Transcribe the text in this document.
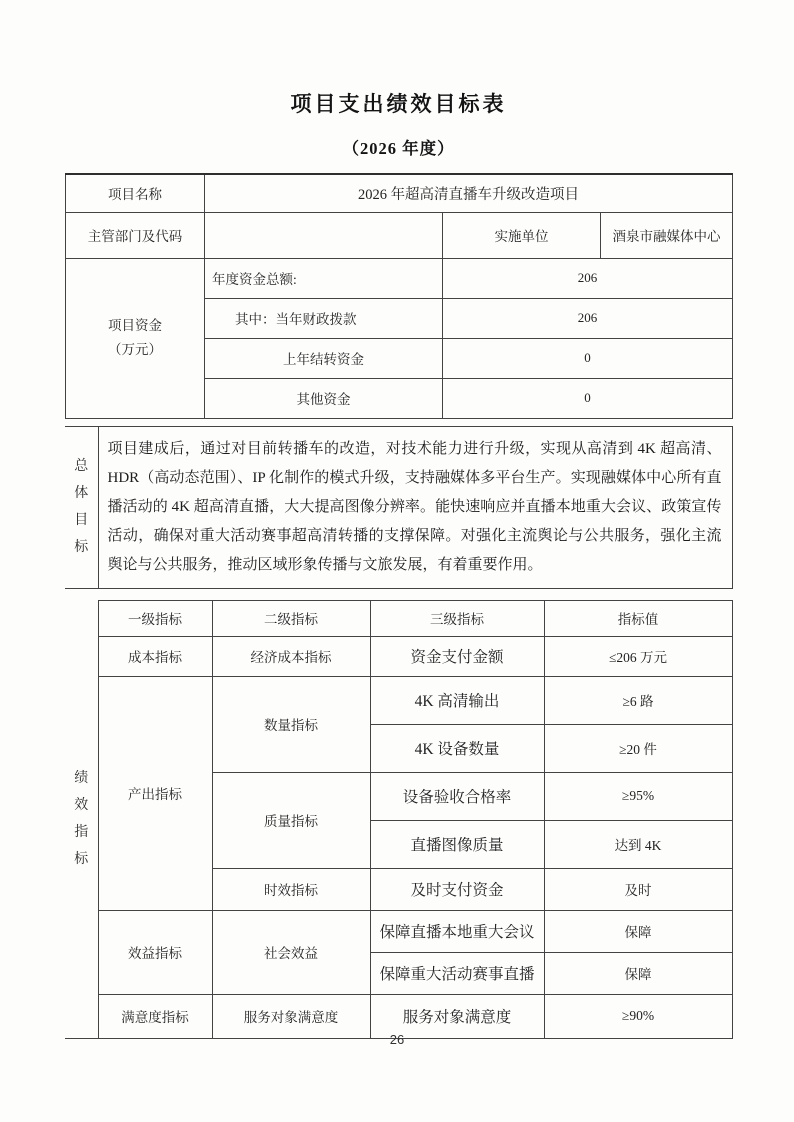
项目支出绩效目标表
（2026 年度）
项目名称	2026 年超高清直播车升级改造项目		
主管部门及代码		实施单位	酒泉市融媒体中心

项目资金
（万元）	年度资金总额:	206	
	其中：当年财政拨款	206	
	上年结转资金	0	
	其他资金	0	
总体目标
	项目建成后，通过对目前转播车的改造，对技术能力进行升级，实现从高清到 4K 超高清、HDR（高动态范围）、IP 化制作的模式升级，支持融媒体多平台生产。实现融媒体中心所有直播活动的 4K 超高清直播，大大提高图像分辨率。能快速响应并直播本地重大会议、政策宣传活动，确保对重大活动赛事超高清转播的支撑保障。对强化主流舆论与公共服务，强化主流舆论与公共服务，推动区域形象传播与文旅发展，有着重要作用。
绩效指标	一级指标	二级指标	三级指标	指标值
	成本指标	经济成本指标	资金支付金额	≤206 万元
	产出指标	数量指标	4K 高清输出	≥6 路
			4K 设备数量	≥20 件
		质量指标	设备验收合格率	≥95%
			直播图像质量	达到 4K
		时效指标	及时支付资金	及时
	效益指标	社会效益	保障直播本地重大会议	保障
			保障重大活动赛事直播	保障
	满意度指标	服务对象满意度	服务对象满意度	≥90%
26
